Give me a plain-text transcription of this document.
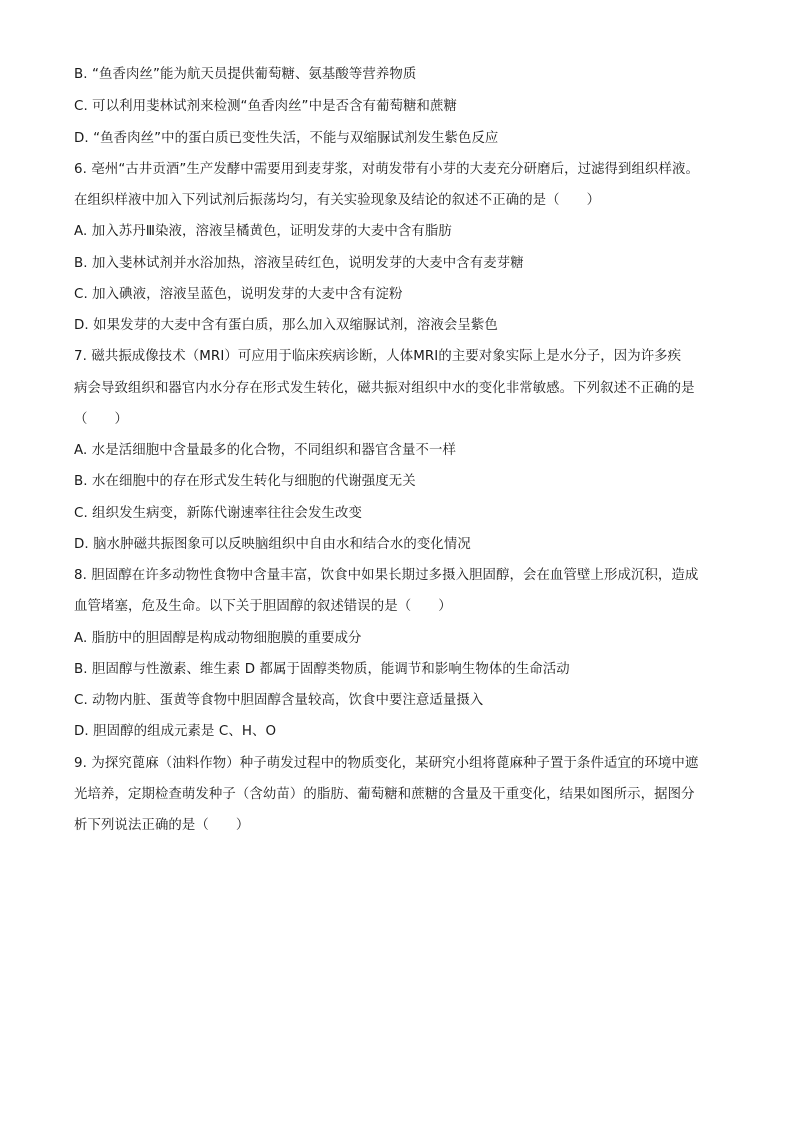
B. “鱼香肉丝”能为航天员提供葡萄糖、氨基酸等营养物质
C. 可以利用斐林试剂来检测“鱼香肉丝”中是否含有葡萄糖和蔗糖
D. “鱼香肉丝”中的蛋白质已变性失活，不能与双缩脲试剂发生紫色反应
6. 亳州“古井贡酒”生产发酵中需要用到麦芽浆，对萌发带有小芽的大麦充分研磨后，过滤得到组织样液。
在组织样液中加入下列试剂后振荡均匀，有关实验现象及结论的叙述不正确的是（　　）
A. 加入苏丹Ⅲ染液，溶液呈橘黄色，证明发芽的大麦中含有脂肪
B. 加入斐林试剂并水浴加热，溶液呈砖红色，说明发芽的大麦中含有麦芽糖
C. 加入碘液，溶液呈蓝色，说明发芽的大麦中含有淀粉
D. 如果发芽的大麦中含有蛋白质，那么加入双缩脲试剂，溶液会呈紫色
7. 磁共振成像技术（MRI）可应用于临床疾病诊断，人体MRI的主要对象实际上是水分子，因为许多疾
病会导致组织和器官内水分存在形式发生转化，磁共振对组织中水的变化非常敏感。下列叙述不正确的是
（　　）
A. 水是活细胞中含量最多的化合物，不同组织和器官含量不一样
B. 水在细胞中的存在形式发生转化与细胞的代谢强度无关
C. 组织发生病变，新陈代谢速率往往会发生改变
D. 脑水肿磁共振图象可以反映脑组织中自由水和结合水的变化情况
8. 胆固醇在许多动物性食物中含量丰富，饮食中如果长期过多摄入胆固醇，会在血管壁上形成沉积，造成
血管堵塞，危及生命。以下关于胆固醇的叙述错误的是（　　）
A. 脂肪中的胆固醇是构成动物细胞膜的重要成分
B. 胆固醇与性激素、维生素 D 都属于固醇类物质，能调节和影响生物体的生命活动
C. 动物内脏、蛋黄等食物中胆固醇含量较高，饮食中要注意适量摄入
D. 胆固醇的组成元素是 C、H、O
9. 为探究蓖麻（油料作物）种子萌发过程中的物质变化，某研究小组将蓖麻种子置于条件适宜的环境中遮
光培养，定期检查萌发种子（含幼苗）的脂肪、葡萄糖和蔗糖的含量及干重变化，结果如图所示，据图分
析下列说法正确的是（　　）
